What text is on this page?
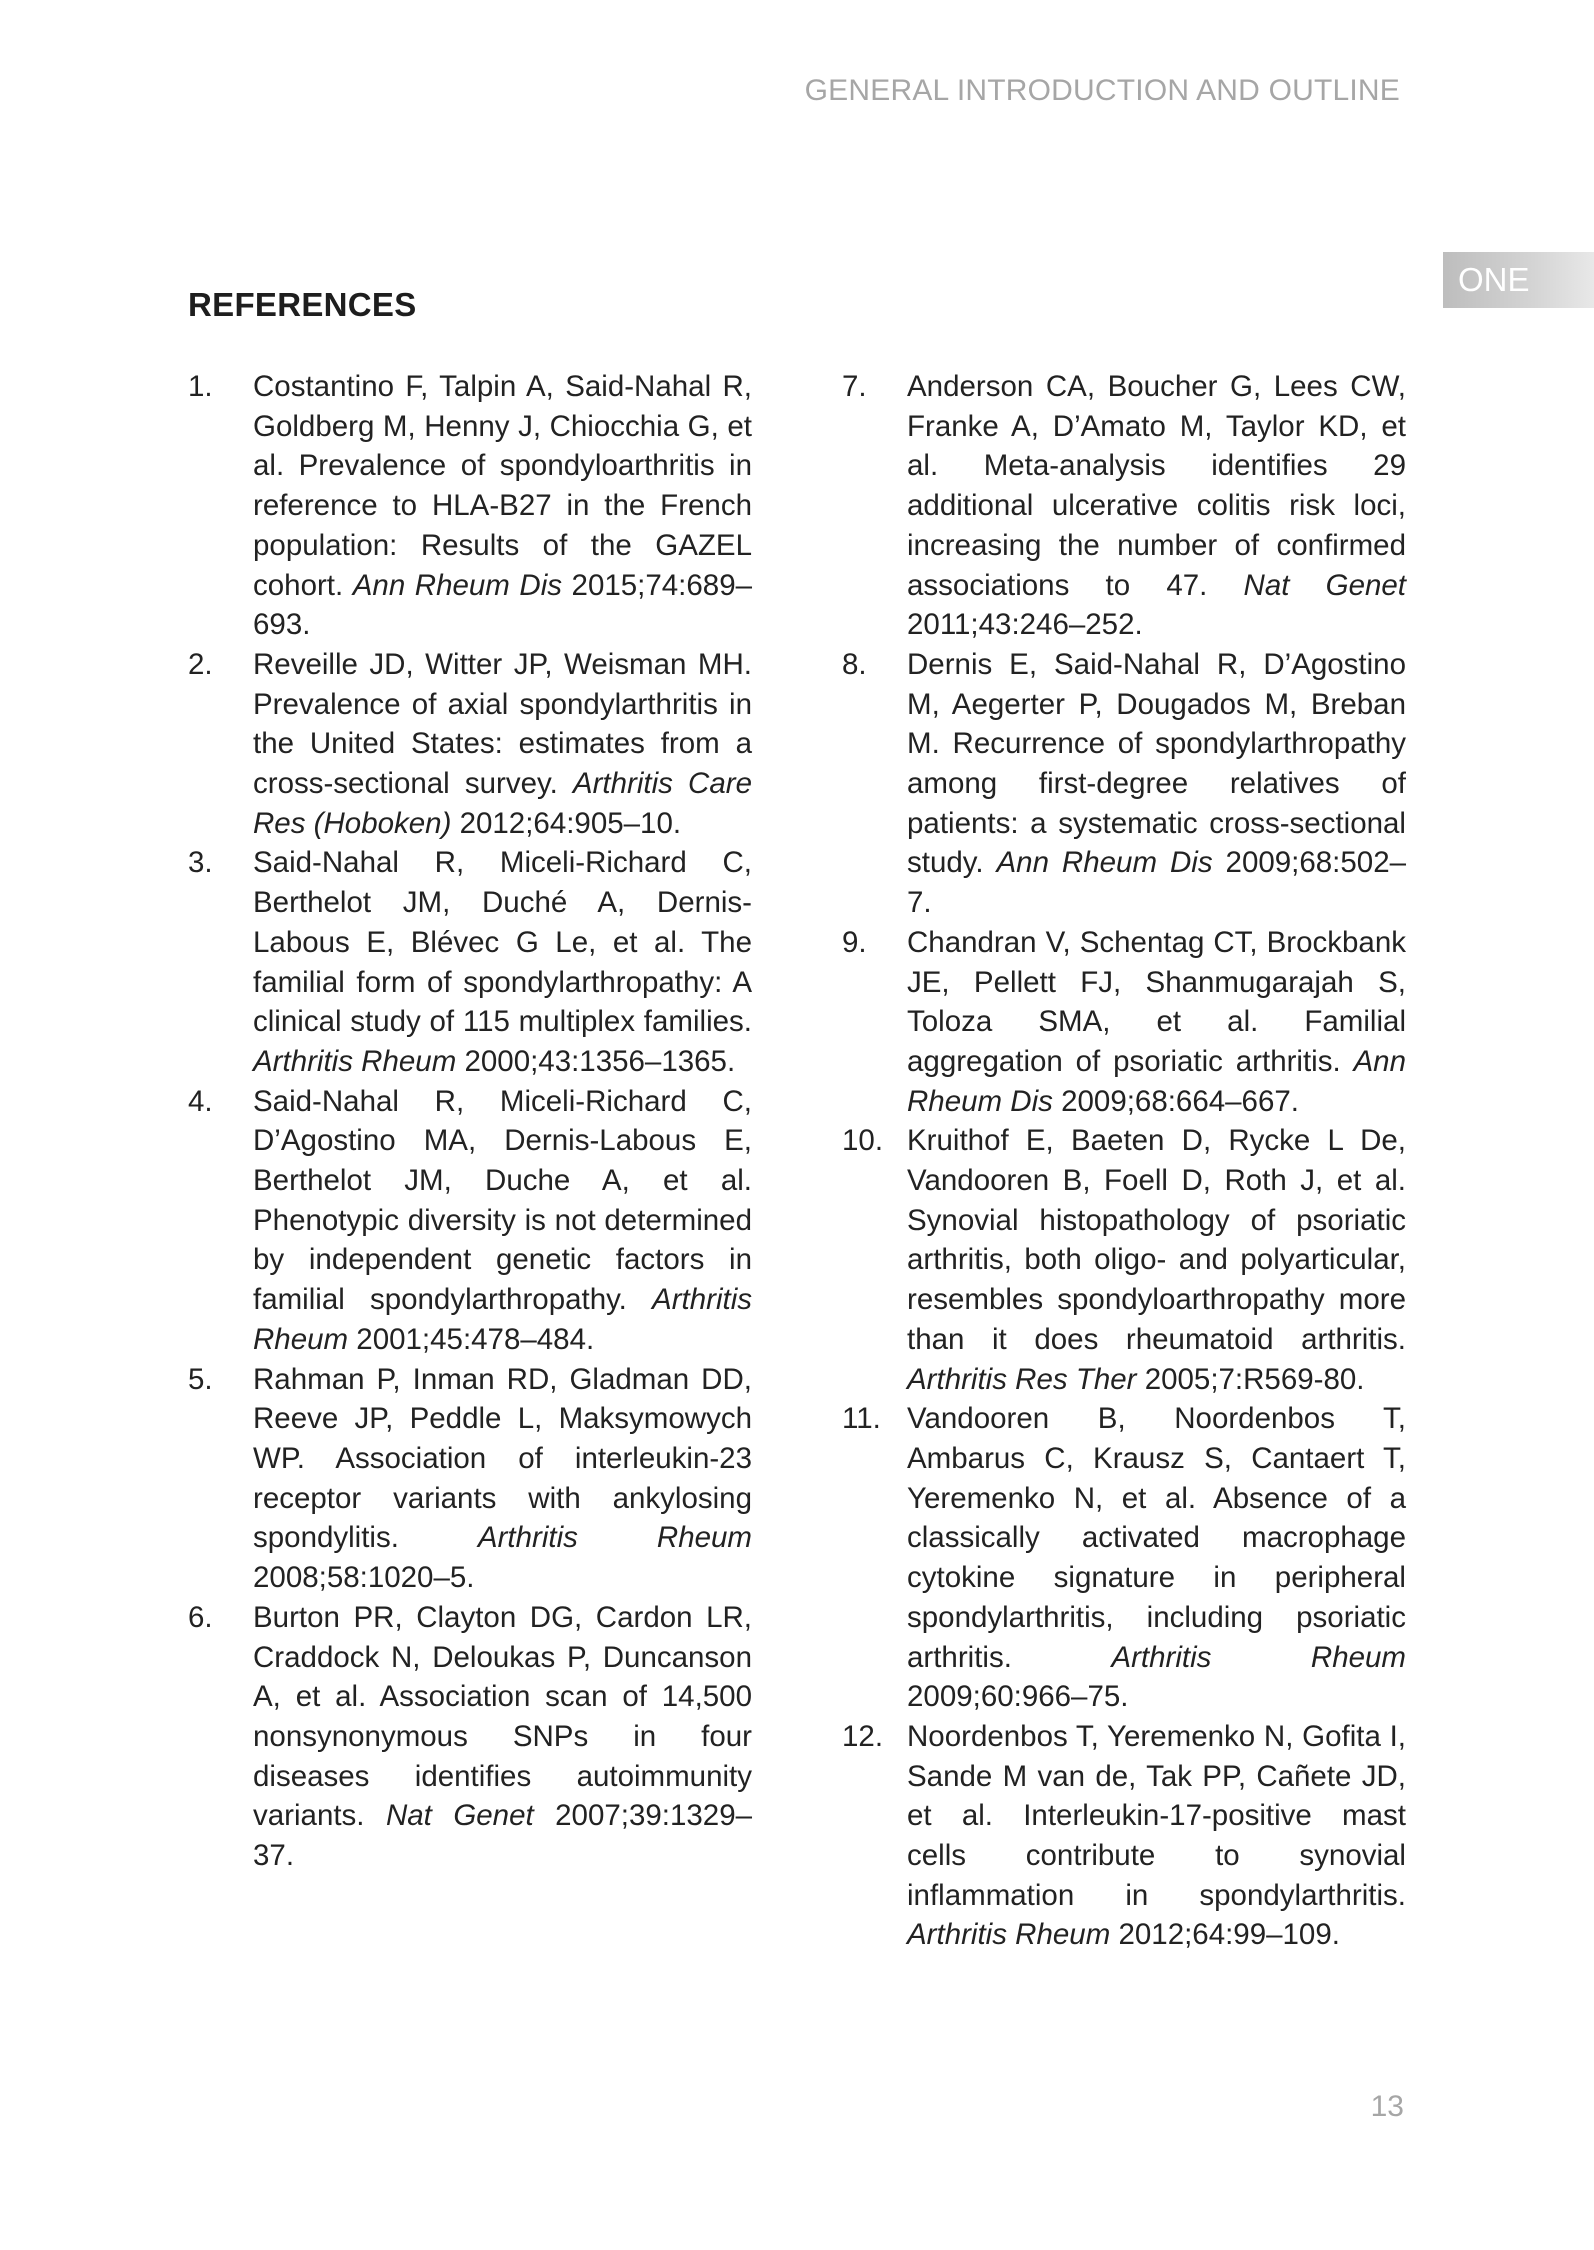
GENERAL INTRODUCTION AND OUTLINE
ONE
REFERENCES
1. Costantino F, Talpin A, Said-Nahal R, Goldberg M, Henny J, Chiocchia G, et al. Prevalence of spondyloarthritis in reference to HLA-B27 in the French population: Results of the GAZEL cohort. Ann Rheum Dis 2015;74:689–693.
2. Reveille JD, Witter JP, Weisman MH. Prevalence of axial spondylarthritis in the United States: estimates from a cross-sectional survey. Arthritis Care Res (Hoboken) 2012;64:905–10.
3. Said-Nahal R, Miceli-Richard C, Berthelot JM, Duché A, Dernis-Labous E, Blévec G Le, et al. The familial form of spondylarthropathy: A clinical study of 115 multiplex families. Arthritis Rheum 2000;43:1356–1365.
4. Said-Nahal R, Miceli-Richard C, D’Agostino MA, Dernis-Labous E, Berthelot JM, Duche A, et al. Phenotypic diversity is not determined by independent genetic factors in familial spondylarthropathy. Arthritis Rheum 2001;45:478–484.
5. Rahman P, Inman RD, Gladman DD, Reeve JP, Peddle L, Maksymowych WP. Association of interleukin-23 receptor variants with ankylosing spondylitis. Arthritis Rheum 2008;58:1020–5.
6. Burton PR, Clayton DG, Cardon LR, Craddock N, Deloukas P, Duncanson A, et al. Association scan of 14,500 nonsynonymous SNPs in four diseases identifies autoimmunity variants. Nat Genet 2007;39:1329–37.
7. Anderson CA, Boucher G, Lees CW, Franke A, D’Amato M, Taylor KD, et al. Meta-analysis identifies 29 additional ulcerative colitis risk loci, increasing the number of confirmed associations to 47. Nat Genet 2011;43:246–252.
8. Dernis E, Said-Nahal R, D’Agostino M, Aegerter P, Dougados M, Breban M. Recurrence of spondylarthropathy among first-degree relatives of patients: a systematic cross-sectional study. Ann Rheum Dis 2009;68:502–7.
9. Chandran V, Schentag CT, Brockbank JE, Pellett FJ, Shanmugarajah S, Toloza SMA, et al. Familial aggregation of psoriatic arthritis. Ann Rheum Dis 2009;68:664–667.
10. Kruithof E, Baeten D, Rycke L De, Vandooren B, Foell D, Roth J, et al. Synovial histopathology of psoriatic arthritis, both oligo- and polyarticular, resembles spondyloarthropathy more than it does rheumatoid arthritis. Arthritis Res Ther 2005;7:R569-80.
11. Vandooren B, Noordenbos T, Ambarus C, Krausz S, Cantaert T, Yeremenko N, et al. Absence of a classically activated macrophage cytokine signature in peripheral spondylarthritis, including psoriatic arthritis. Arthritis Rheum 2009;60:966–75.
12. Noordenbos T, Yeremenko N, Gofita I, Sande M van de, Tak PP, Cañete JD, et al. Interleukin-17-positive mast cells contribute to synovial inflammation in spondylarthritis. Arthritis Rheum 2012;64:99–109.
13
